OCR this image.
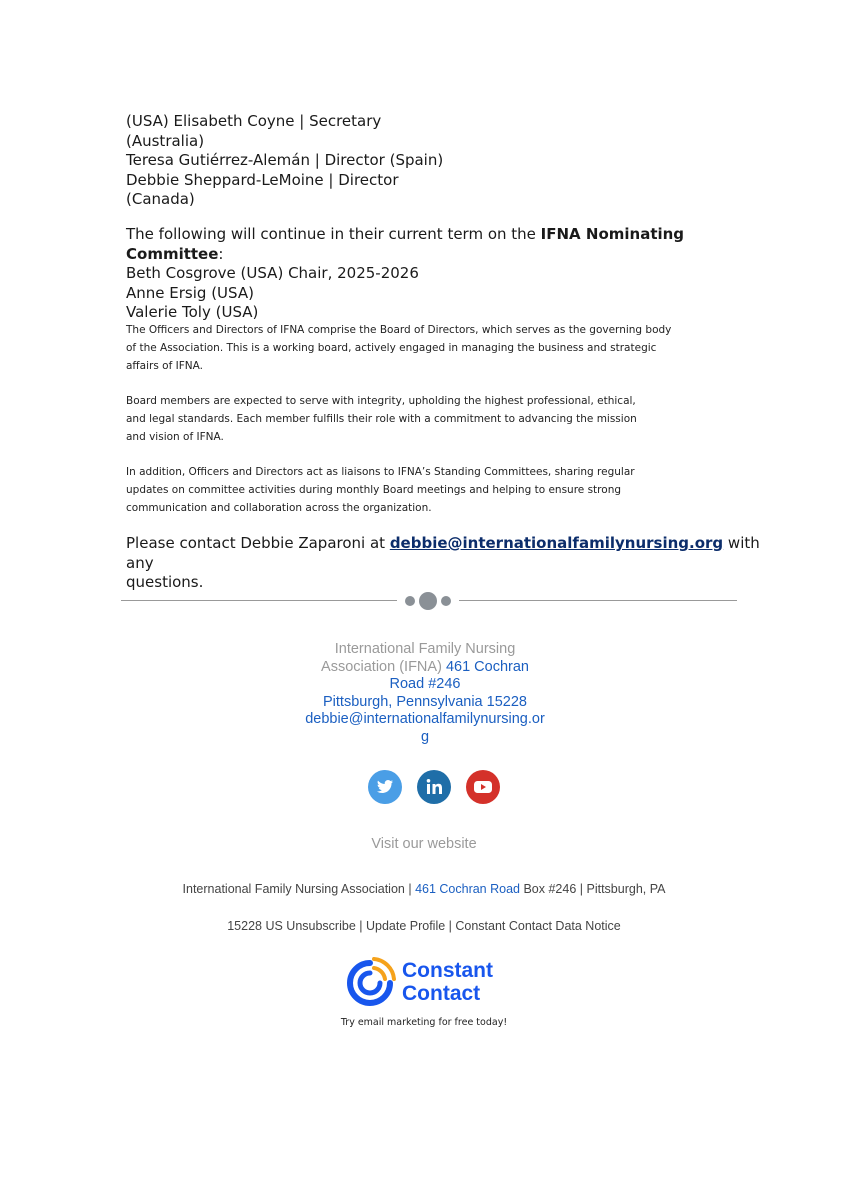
(USA) Elisabeth Coyne | Secretary
(Australia)
Teresa Gutiérrez-Alemán | Director (Spain)
Debbie Sheppard-LeMoine | Director
(Canada)
The following will continue in their current term on the IFNA Nominating Committee:
Beth Cosgrove (USA) Chair, 2025-2026
Anne Ersig (USA)
Valerie Toly (USA)
The Officers and Directors of IFNA comprise the Board of Directors, which serves as the governing body
of the Association. This is a working board, actively engaged in managing the business and strategic
affairs of IFNA.
Board members are expected to serve with integrity, upholding the highest professional, ethical,
and legal standards. Each member fulfills their role with a commitment to advancing the mission
and vision of IFNA.
In addition, Officers and Directors act as liaisons to IFNA’s Standing Committees, sharing regular
updates on committee activities during monthly Board meetings and helping to ensure strong
communication and collaboration across the organization.
Please contact Debbie Zaparoni at debbie@internationalfamilynursing.org with any
questions.
International Family Nursing
Association (IFNA) 461 Cochran
Road #246
Pittsburgh, Pennsylvania 15228
debbie@internationalfamilynursing.or
g
Visit our website
International Family Nursing Association | 461 Cochran Road Box #246 | Pittsburgh, PA
15228 US Unsubscribe | Update Profile | Constant Contact Data Notice
Constant
Contact
Try email marketing for free today!
